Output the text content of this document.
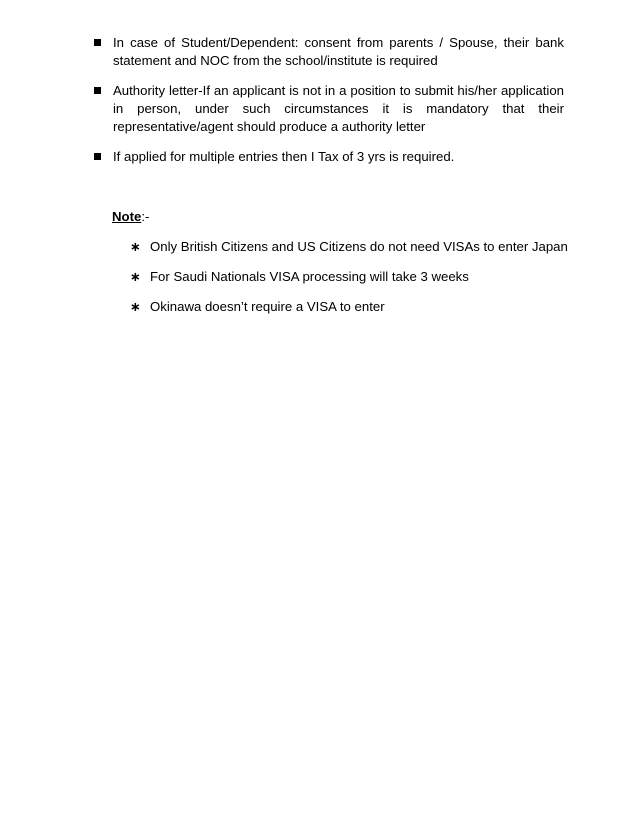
In case of Student/Dependent: consent from parents / Spouse, their bank statement and NOC from the school/institute is required
Authority letter-If an applicant is not in a position to submit his/her application in person, under such circumstances it is mandatory that their representative/agent should produce a authority letter
If applied for multiple entries then I Tax of 3 yrs is required.
Note:-
∗ Only British Citizens and US Citizens do not need VISAs to enter Japan
∗ For Saudi Nationals VISA processing will take 3 weeks
∗ Okinawa doesn’t require a VISA to enter
